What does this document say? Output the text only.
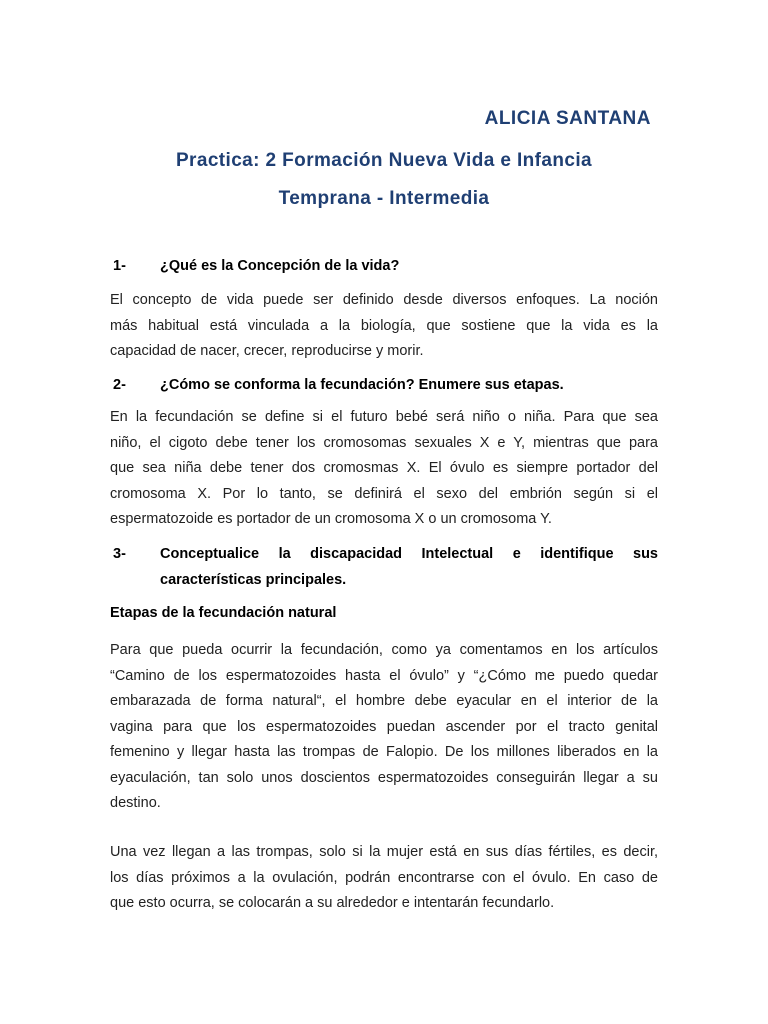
ALICIA SANTANA

Practica: 2 Formación Nueva Vida e Infancia

Temprana - Intermedia

1- ¿Qué es la Concepción de la vida?

El concepto de vida puede ser definido desde diversos enfoques. La noción
más habitual está vinculada a la biología, que sostiene que la vida es la
capacidad de nacer, crecer, reproducirse y morir.

2- ¿Cómo se conforma la fecundación? Enumere sus etapas.

En la fecundación se define si el futuro bebé será niño o niña. Para que sea
niño, el cigoto debe tener los cromosomas sexuales X e Y, mientras que para
que sea niña debe tener dos cromosmas X. El óvulo es siempre portador del
cromosoma X. Por lo tanto, se definirá el sexo del embrión según si el
espermatozoide es portador de un cromosoma X o un cromosoma Y.
3- Conceptualice la discapacidad Intelectual e identifique sus
características principales.

Etapas de la fecundación natural

Para que pueda ocurrir la fecundación, como ya comentamos en los artículos
“Camino de los espermatozoides hasta el óvulo” y “¿Cómo me puedo quedar
embarazada de forma natural“, el hombre debe eyacular en el interior de la
vagina para que los espermatozoides puedan ascender por el tracto genital
femenino y llegar hasta las trompas de Falopio. De los millones liberados en la
eyaculación, tan solo unos doscientos espermatozoides conseguirán llegar a su
destino.
Una vez llegan a las trompas, solo si la mujer está en sus días fértiles, es decir,
los días próximos a la ovulación, podrán encontrarse con el óvulo. En caso de
que esto ocurra, se colocarán a su alrededor e intentarán fecundarlo.
